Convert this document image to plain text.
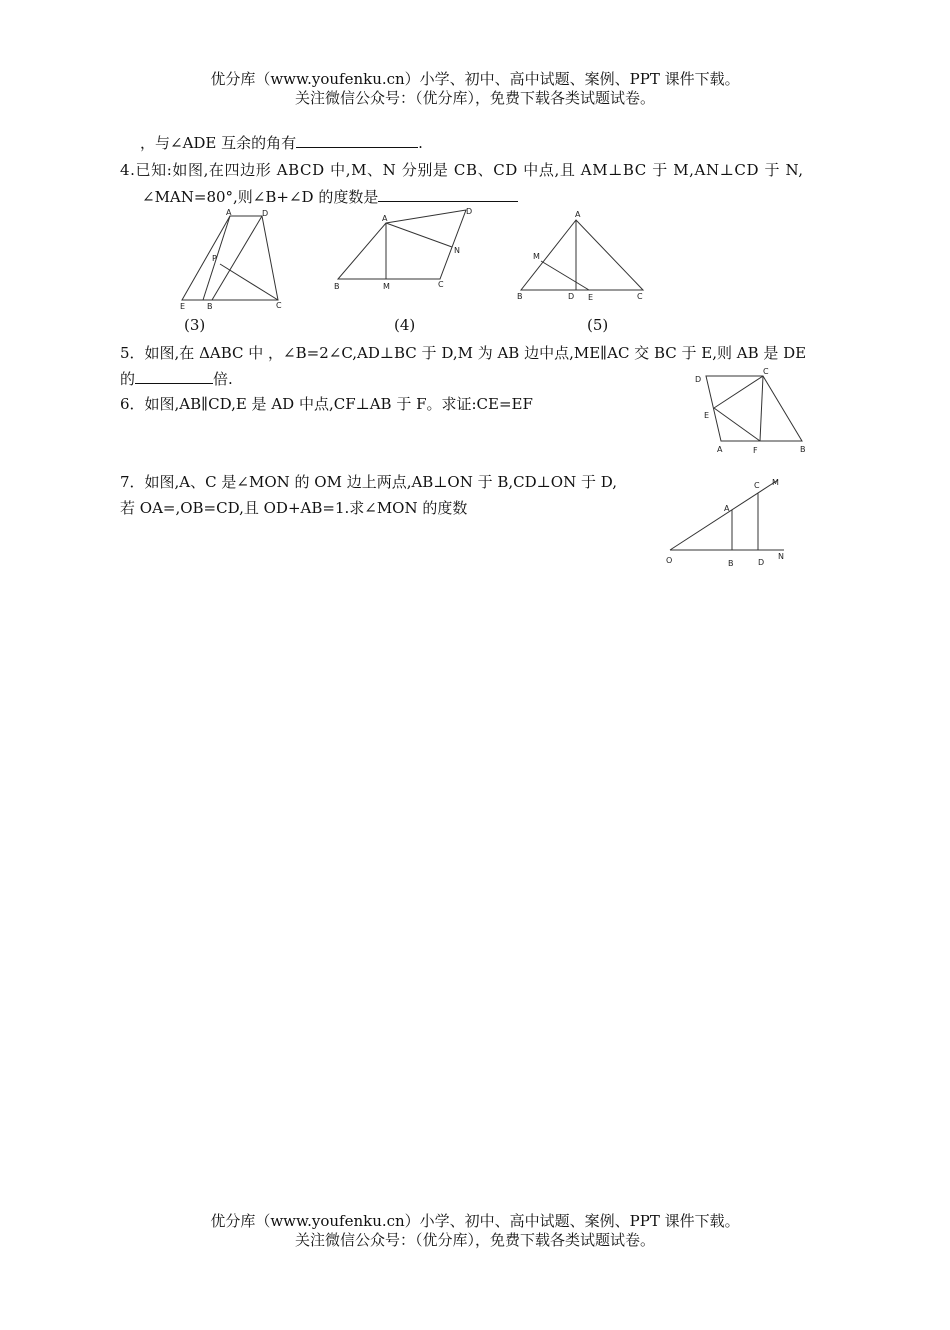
优分库（www.youfenku.cn）小学、初中、高中试题、案例、PPT 课件下载。
关注微信公众号：（优分库），免费下载各类试题试卷。
，与∠ADE 互余的角有	.
4.已知:如图,在四边形 ABCD 中,M、N 分别是 CB、CD 中点,且 AM⊥BC 于 M,AN⊥CD 于 N,
∠MAN=80°,则∠B+∠D 的度数是
A	D
P
E	B	C
(3)
A
D
N
B	M	C
(4)
A
M
B	D E	C
(5)
5．如图,在 ΔABC 中 ，∠B=2∠C,AD⊥BC 于 D,M 为 AB 边中点,ME∥AC 交 BC 于 E,则 AB 是 DE
的	倍.
6．如图,AB∥CD,E 是 AD 中点,CF⊥AB 于 F。求证:CE=EF
D
C
E
A	F	B
7．如图,A、C 是∠MON 的 OM 边上两点,AB⊥ON 于 B,CD⊥ON 于 D,
若 OA=,OB=CD,且 OD+AB=1.求∠MON 的度数
O
A
C M
B	D
N
优分库（www.youfenku.cn）小学、初中、高中试题、案例、PPT 课件下载。
关注微信公众号：（优分库），免费下载各类试题试卷。
